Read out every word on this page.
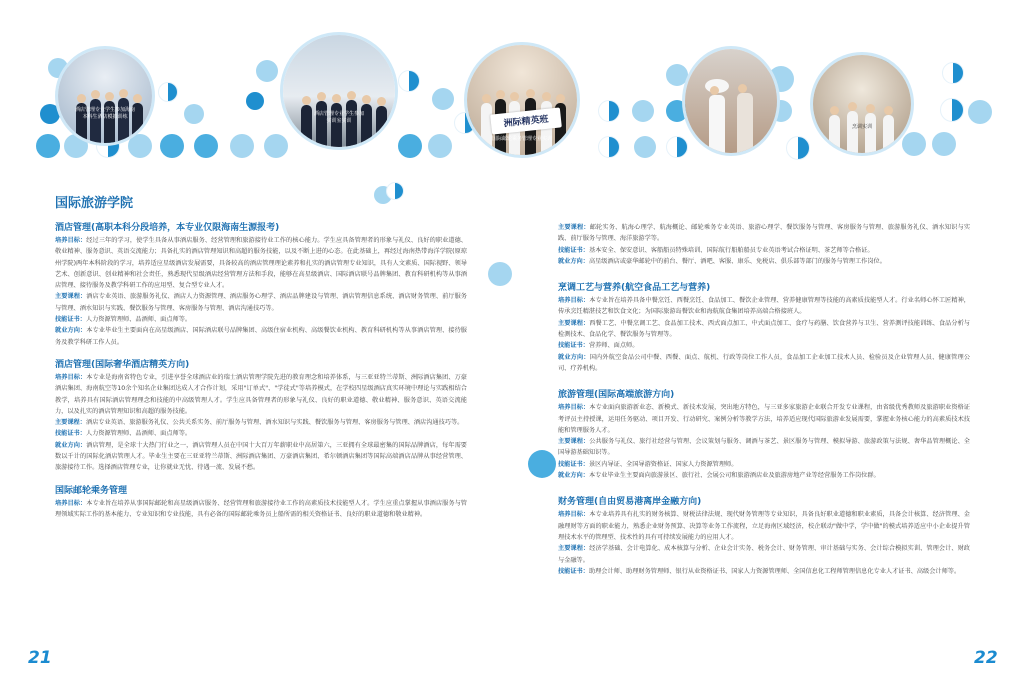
酒店管理专业学生参加海南
本科生酒店模拟训练	酒店管理专业学生参加
实训室实训	洲际精英班
国际邮轮乘务管理专业实训
烹调实训
国际旅游学院
酒店管理(高职本科分段培养，本专业仅限海南生源报考)

培养目标：经过三年的学习，使学生具备从事酒店服务、经营管理和旅游接待业工作的核心能力。学生应具备管理者的形象与礼仪、良好的职业道德、敬业精神、服务意识、英语交流能力；具备扎实的酒店管理知识和高超的服务技能，以及不断上进的心态。在此基础上，再经过海南热带海洋学院(原琼州学院)两年本科阶段的学习，培养适应星级酒店发展需要，具备较高的酒店管理理论素养和扎实的酒店管理专业知识，具有人文素质、国际视野、领导艺术、创新意识、创业精神和社会责任，熟悉现代星级酒店经营管理方法和手段，能够在高星级酒店、国际酒店联号品牌集团、教育科研机构等从事酒店管理、接待服务及教学科研工作的应用型、复合型专业人才。

主要课程：酒店专业英语、旅游服务礼仪、酒店人力资源管理、酒店服务心理学、酒店品牌建设与管理、酒店管理信息系统、酒店财务管理、前厅服务与管理、酒水知识与实践、餐饮服务与管理、客房服务与管理、酒店沟通技巧等。

技能证书：人力资源管理师、品酒师、面点师等。

就业方向：本专业毕业生主要面向在高星级酒店、国际酒店联号品牌集团、高级住宿业机构、高级餐饮业机构、教育科研机构等从事酒店管理、接待服务及教学科研工作人员。

酒店管理(国际奢华酒店精英方向)

培养目标：本专业是海南省特色专业，引进享誉全球酒店业的瑞士酒店管理学院先进的教育理念和培养体系，与三亚亚特兰蒂斯、洲际酒店集团、万豪酒店集团、海南航空等10余个知名企业集团达成人才合作计划，采用"订单式"、"学徒式"等培养模式，在学校四星级酒店真实环境中理论与实践相结合教学，培养具有国际酒店管理理念和技能的中高级管理人才。学生应具备管理者的形象与礼仪、良好的职业道德、敬业精神、服务意识、英语交流能力，以及扎实的酒店管理知识和高超的服务技能。

主要课程：酒店专业英语、旅游服务礼仪、公共关系实务、前厅服务与管理、酒水知识与实践、餐饮服务与管理、客房服务与管理、酒店沟通技巧等。

技能证书：人力资源管理师、品酒师、面点师等。

就业方向：酒店管理，是全球十大热门行业之一，酒店管理人员在中国十大百万年薪职业中高居第六，三亚拥有全球最密集的国际品牌酒店，每年需要数以千计的国际化酒店管理人才。毕业生主要在三亚亚特兰蒂斯、洲际酒店集团、万豪酒店集团、希尔顿酒店集团等国际高端酒店品牌从事经营管理、旅游接待工作。选择酒店管理专业，让你就业无忧、待遇一流、发展不愁。

国际邮轮乘务管理

培养目标：本专业旨在培养从事国际邮轮和高星级酒店服务、经营管理和旅游接待业工作的高素质技术技能型人才。学生应重点掌握从事酒店服务与管理领域实际工作的基本能力、专业知识和专业技能，具有必备的国际邮轮乘务员上船所需的相关资格证书、良好的职业道德和敬业精神。

主要课程：邮轮实务、航海心理学、航海概论、邮轮乘务专业英语、旅游心理学、餐饮服务与管理、客房服务与管理、旅游服务礼仪、酒水知识与实践、前厅服务与管理、海洋旅游学等。

技能证书：基本安全、保安意识、客船船员特殊培训、国际航行船舶船员专业英语考试合格证明、茶艺师等合格证。

就业方向：高星级酒店或豪华邮轮中的前台、餐厅、酒吧、客服、康乐、免税店、俱乐部等部门的服务与管理工作岗位。

烹调工艺与营养(航空食品工艺与营养)

培养目标：本专业旨在培养具备中餐烹饪、西餐烹饪、食品加工、餐饮企业管理、营养健康管理等技能的高素质技能型人才。行业名师心怀工匠精神，传承烹饪精湛技艺和饮食文化；为国际旅游岛餐饮业和海航航食集团培养高端合格接班人。

主要课程：西餐工艺、中餐烹调工艺、食品加工技术、西式面点加工、中式面点加工、食疗与药膳、饮食营养与卫生、营养测评技能训练、食品分析与检测技术、食品化学、餐饮服务与管理等。

技能证书：营养师、面点师。

就业方向：国内外航空食品公司中餐、西餐、面点、航机、行政等岗位工作人员，食品加工企业加工技术人员、检验员及企业管理人员、健康管理公司、疗养机构。

旅游管理(国际高端旅游方向)

培养目标：本专业面向旅游新业态、新模式、新技术发展，突出地方特色，与三亚多家旅游企业联合开发专业课程，由省级优秀教师及旅游职业资格证考评员主持授课，运用任务驱动、项目开发、行动研究、案例分析等教学方法，培养适应现代国际旅游业发展需要，掌握业务核心能力的高素质技术技能和管理服务人才。

主要课程：公共服务与礼仪、旅行社经营与管理、会议策划与服务、调酒与茶艺、景区服务与管理、模拟导游、旅游政策与法规、奢华品管理概论、全国导游基础知识等。

技能证书：景区内导证、全国导游资格证、国家人力资源管理师。

就业方向：本专业毕业生主要面向旅游景区、旅行社、会展公司和旅游酒店业及旅游房地产业等经营服务工作岗位群。

财务管理(自由贸易港离岸金融方向)

培养目标：本专业培养具有扎实的财务核算、财税法律法规、现代财务管理等专业知识，具备良好职业道德和职业素质，具备会计核算、经济管理、金融理财等方面的职业能力，熟悉企业财务预算、决算等业务工作流程，立足海南区域经济，校企联动"做中学，学中做"的模式培养适应中小企业提升管理技术水平的管理型、技术性的具有可持续发展能力的应用人才。

主要课程：经济学基础、会计电算化、成本核算与分析、企业会计实务、税务会计、财务管理、审计基础与实务、会计综合模拟实训、管理会计、财政与金融等。

技能证书：助理会计师、助理财务管理师、银行从业资格证书、国家人力资源管理师、全国信息化工程师管理信息化专业人才证书、高级会计师等。

21	22
